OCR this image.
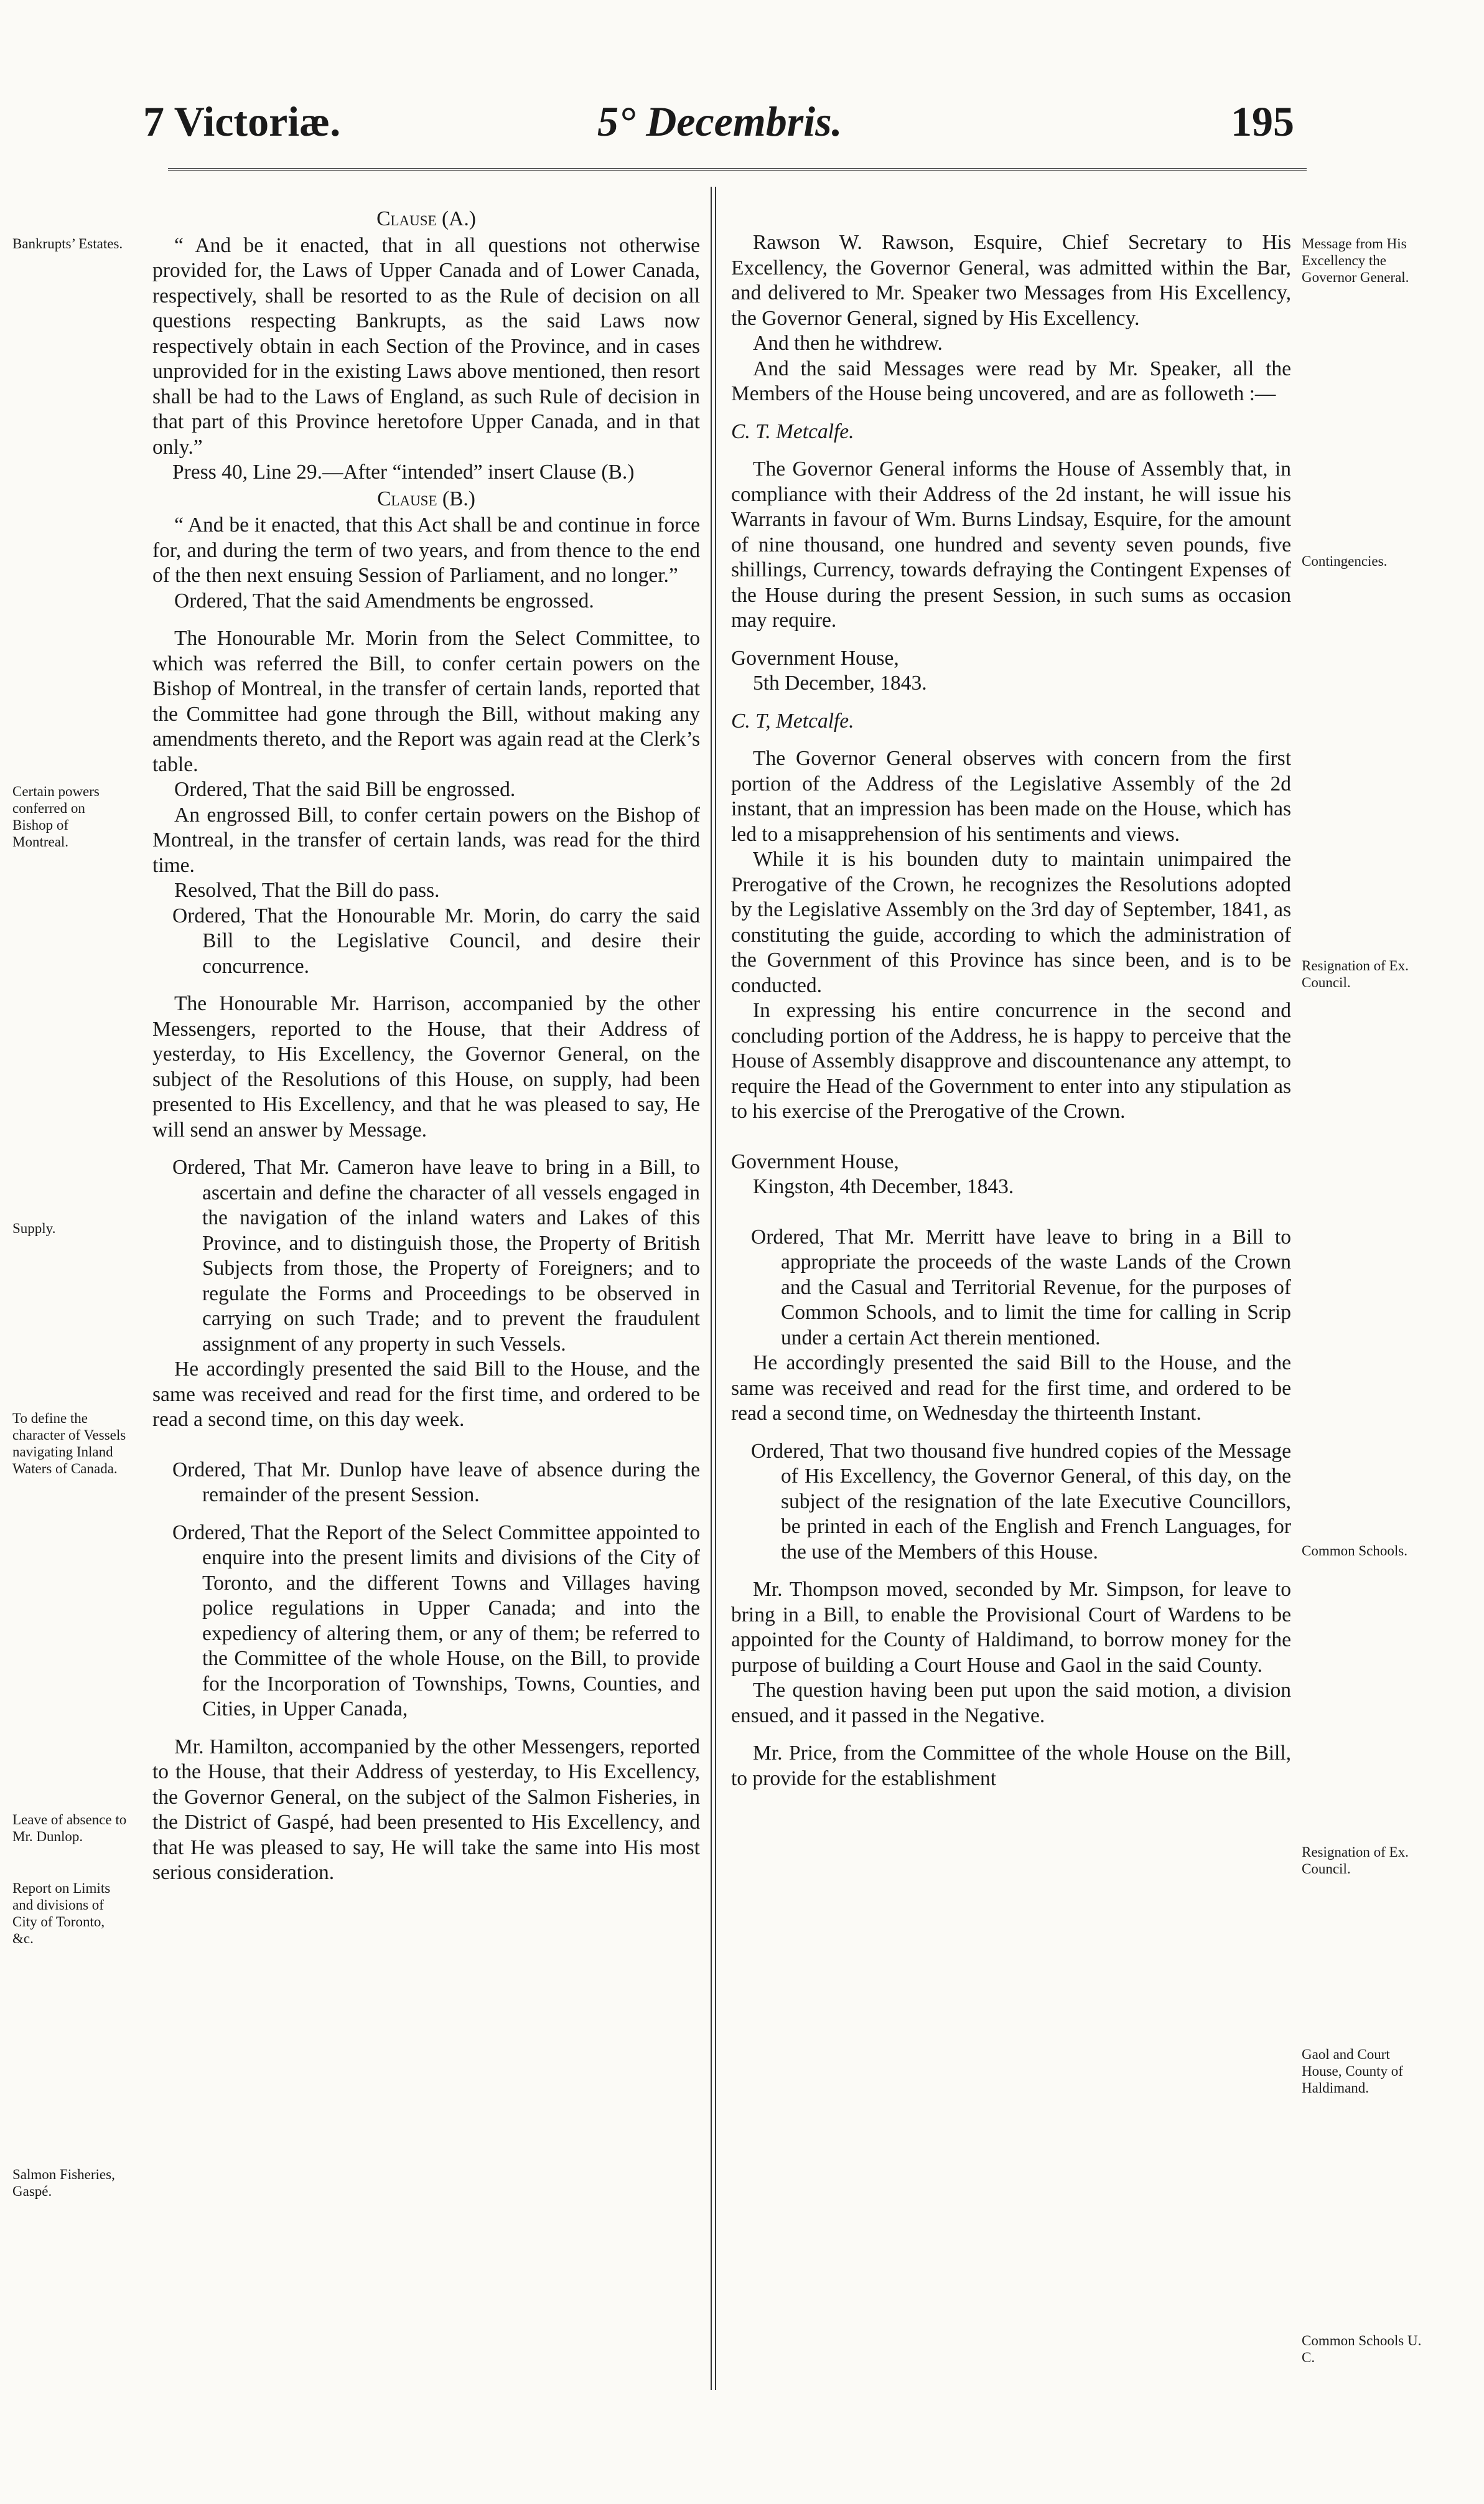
7 Victoriæ.	5° Decembris.	195
Bankrupts’ Estates.
Certain powers conferred on Bishop of Montreal.
Supply.
To define the character of Vessels navigating Inland Waters of Canada.
Leave of absence to Mr. Dunlop.
Report on Limits and divisions of City of Toronto, &c.
Salmon Fisheries, Gaspé.
Message from His Excellency the Governor General.
Contingencies.
Resignation of Ex. Council.
Common Schools.
Resignation of Ex. Council.
Gaol and Court House, County of Haldimand.
Common Schools U. C.

Clause (A.)

“ And be it enacted, that in all questions not otherwise provided for, the Laws of Upper Canada and of Lower Canada, respectively, shall be resorted to as the Rule of decision on all questions respecting Bankrupts, as the said Laws now respectively obtain in each Section of the Province, and in cases unprovided for in the existing Laws above mentioned, then resort shall be had to the Laws of England, as such Rule of decision in that part of this Province heretofore Upper Canada, and in that only.”

Press 40, Line 29.—After “intended” insert Clause (B.)

Clause (B.)

“ And be it enacted, that this Act shall be and continue in force for, and during the term of two years, and from thence to the end of the then next ensuing Session of Parliament, and no longer.”

Ordered, That the said Amendments be engrossed.

The Honourable Mr. Morin from the Select Committee, to which was referred the Bill, to confer certain powers on the Bishop of Montreal, in the transfer of certain lands, reported that the Committee had gone through the Bill, without making any amendments thereto, and the Report was again read at the Clerk’s table.

Ordered, That the said Bill be engrossed.

An engrossed Bill, to confer certain powers on the Bishop of Montreal, in the transfer of certain lands, was read for the third time.

Resolved, That the Bill do pass.

Ordered, That the Honourable Mr. Morin, do carry the said Bill to the Legislative Council, and desire their concurrence.

The Honourable Mr. Harrison, accompanied by the other Messengers, reported to the House, that their Address of yesterday, to His Excellency, the Governor General, on the subject of the Resolutions of this House, on supply, had been presented to His Excellency, and that he was pleased to say, He will send an answer by Message.

Ordered, That Mr. Cameron have leave to bring in a Bill, to ascertain and define the character of all vessels engaged in the navigation of the inland waters and Lakes of this Province, and to distinguish those, the Property of British Subjects from those, the Property of Foreigners; and to regulate the Forms and Proceedings to be observed in carrying on such Trade; and to prevent the fraudulent assignment of any property in such Vessels.

He accordingly presented the said Bill to the House, and the same was received and read for the first time, and ordered to be read a second time, on this day week.

Ordered, That Mr. Dunlop have leave of absence during the remainder of the present Session.

Ordered, That the Report of the Select Committee appointed to enquire into the present limits and divisions of the City of Toronto, and the different Towns and Villages having police regulations in Upper Canada; and into the expediency of altering them, or any of them; be referred to the Committee of the whole House, on the Bill, to provide for the Incorporation of Townships, Towns, Counties, and Cities, in Upper Canada,

Mr. Hamilton, accompanied by the other Messengers, reported to the House, that their Address of yesterday, to His Excellency, the Governor General, on the subject of the Salmon Fisheries, in the District of Gaspé, had been presented to His Excellency, and that He was pleased to say, He will take the same into His most serious consideration.

Rawson W. Rawson, Esquire, Chief Secretary to His Excellency, the Governor General, was admitted within the Bar, and delivered to Mr. Speaker two Messages from His Excellency, the Governor General, signed by His Excellency.

And then he withdrew.

And the said Messages were read by Mr. Speaker, all the Members of the House being uncovered, and are as followeth :—

C. T. Metcalfe.

The Governor General informs the House of Assembly that, in compliance with their Address of the 2d instant, he will issue his Warrants in favour of Wm. Burns Lindsay, Esquire, for the amount of nine thousand, one hundred and seventy seven pounds, five shillings, Currency, towards defraying the Contingent Expenses of the House during the present Session, in such sums as occasion may require.

Government House,

5th December, 1843.

C. T, Metcalfe.

The Governor General observes with concern from the first portion of the Address of the Legislative Assembly of the 2d instant, that an impression has been made on the House, which has led to a misapprehension of his sentiments and views.

While it is his bounden duty to maintain unimpaired the Prerogative of the Crown, he recognizes the Resolutions adopted by the Legislative Assembly on the 3rd day of September, 1841, as constituting the guide, according to which the administration of the Government of this Province has since been, and is to be conducted.

In expressing his entire concurrence in the second and concluding portion of the Address, he is happy to perceive that the House of Assembly disapprove and discountenance any attempt, to require the Head of the Government to enter into any stipulation as to his exercise of the Prerogative of the Crown.

Government House,

Kingston, 4th December, 1843.

Ordered, That Mr. Merritt have leave to bring in a Bill to appropriate the proceeds of the waste Lands of the Crown and the Casual and Territorial Revenue, for the purposes of Common Schools, and to limit the time for calling in Scrip under a certain Act therein mentioned.

He accordingly presented the said Bill to the House, and the same was received and read for the first time, and ordered to be read a second time, on Wednesday the thirteenth Instant.

Ordered, That two thousand five hundred copies of the Message of His Excellency, the Governor General, of this day, on the subject of the resignation of the late Executive Councillors, be printed in each of the English and French Languages, for the use of the Members of this House.

Mr. Thompson moved, seconded by Mr. Simpson, for leave to bring in a Bill, to enable the Provisional Court of Wardens to be appointed for the County of Haldimand, to borrow money for the purpose of building a Court House and Gaol in the said County.

The question having been put upon the said motion, a division ensued, and it passed in the Negative.

Mr. Price, from the Committee of the whole House on the Bill, to provide for the establishment
